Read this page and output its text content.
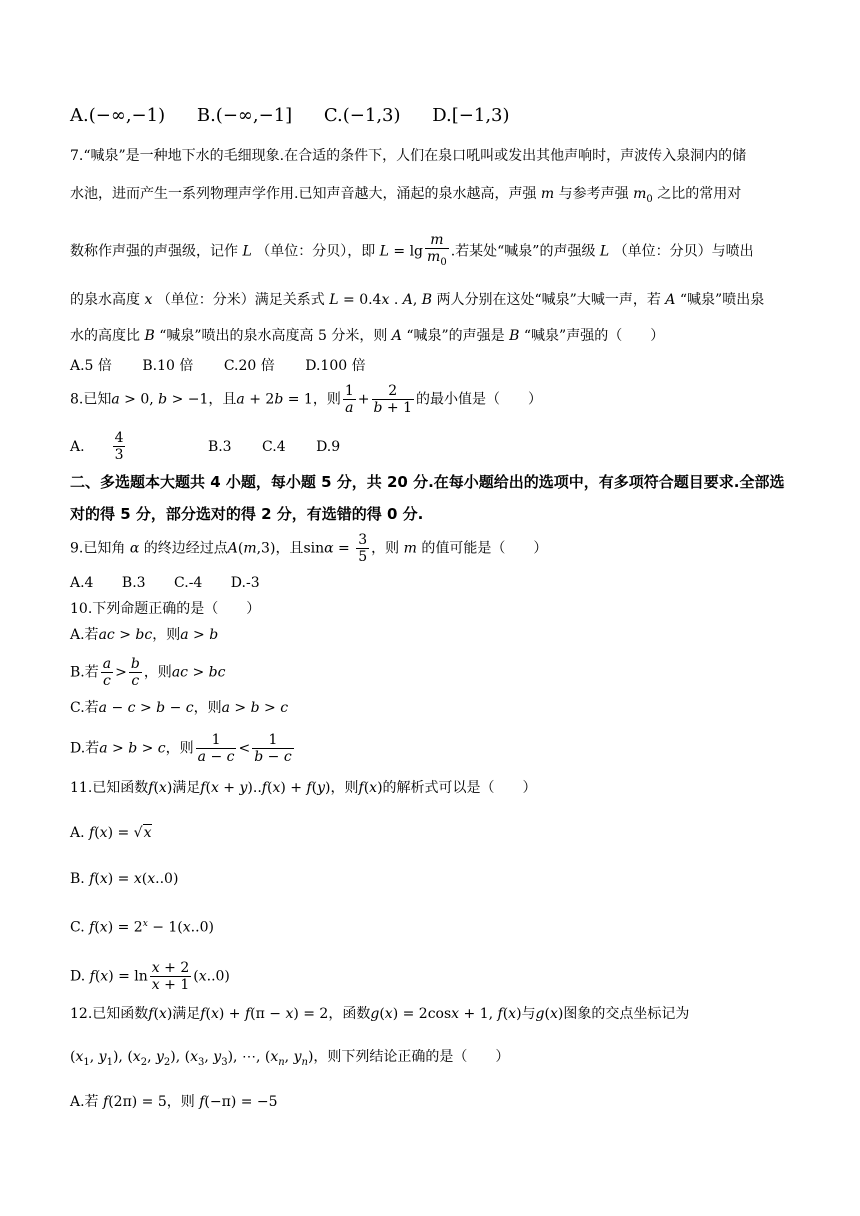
A.(−∞,−1) B.(−∞,−1] C.(−1,3) D.[−1,3)
7.“喊泉”是一种地下水的毛细现象.在合适的条件下，人们在泉口吼叫或发出其他声响时，声波传入泉洞内的储
水池，进而产生一系列物理声学作用.已知声音越大，涌起的泉水越高，声强 m 与参考声强 $m_0$ 之比的常用对
数称作声强的声强级，记作 L （单位：分贝），即 $L = \lg \frac{m}{m_0}$ .若某处“喊泉”的声强级 L （单位：分贝）与喷出
的泉水高度 x （单位：分米）满足关系式 L = 0.4x . A, B 两人分别在这处“喊泉”大喊一声，若 A “喊泉”喷出泉
水的高度比 B “喊泉”喷出的泉水高度高 5 分米，则 A “喊泉”的声强是 B “喊泉”声强的（　　）
A.5 倍 B.10 倍 C.20 倍 D.100 倍
8.已知a > 0, b > −1，且a + 2b = 1，则 $\frac{1}{a} + \frac{2}{b + 1}$ 的最小值是（　　）
A. $\frac{4}{3}$	B.3 C.4 D.9
二、多选题本大题共 4 小题，每小题 5 分，共 20 分.在每小题给出的选项中，有多项符合题目要求.全部选对的得 5 分，部分选对的得 2 分，有选错的得 0 分.
9.已知角 α 的终边经过点A(m,3)，且$\sin\alpha = \frac{3}{5}$ ，则 m 的值可能是（　　）
A.4 B.3 C.-4 D.-3
10.下列命题正确的是（　　）
A.若ac > bc，则a > b
B.若 $\frac{a}{c} > \frac{b}{c}$ ，则ac > bc
C.若a − c > b − c，则a > b > c
D.若a > b > c，则 $\frac{1}{a - c} < \frac{1}{b - c}$
11.已知函数f(x)满足f(x + y)..f(x) + f(y)，则f(x)的解析式可以是（　　）
A. f(x) = √x
B. f(x) = x(x..0)
C. $f(x) = 2^x - 1(x..0)$
D. $f(x) = \ln \frac{x + 2}{x + 1} (x..0)$
12.已知函数f(x)满足f(x) + f(π − x) = 2，函数g(x) = 2cosx + 1, f(x)与g(x)图象的交点坐标记为
($x_1$, $y_1$), ($x_2$, $y_2$), ($x_3$, $y_3$), ⋯, ($x_n$, $y_n$)，则下列结论正确的是（　　）
A.若 f(2π) = 5，则 f(−π) = −5
